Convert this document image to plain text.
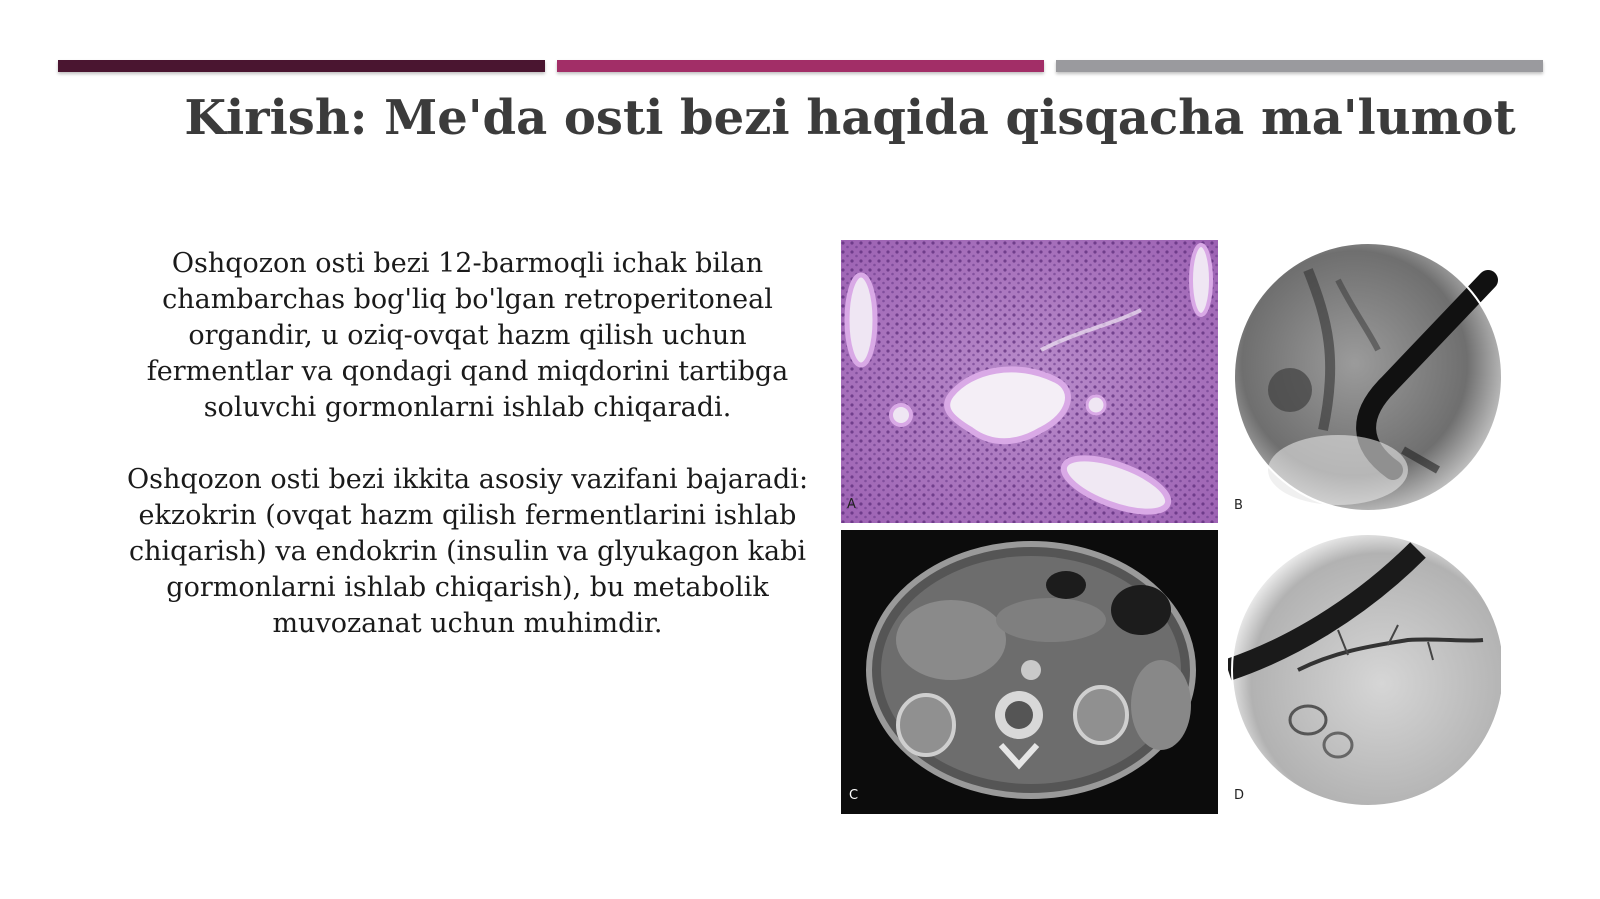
Kirish: Me'da osti bezi haqida qisqacha ma'lumot
Oshqozon osti bezi 12-barmoqli ichak bilan chambarchas bog'liq bo'lgan retroperitoneal organdir, u oziq-ovqat hazm qilish uchun fermentlar va qondagi qand miqdorini tartibga soluvchi gormonlarni ishlab chiqaradi.
Oshqozon osti bezi ikkita asosiy vazifani bajaradi: ekzokrin (ovqat hazm qilish fermentlarini ishlab chiqarish) va endokrin (insulin va glyukagon kabi gormonlarni ishlab chiqarish), bu metabolik muvozanat uchun muhimdir.
A	B
C	D
